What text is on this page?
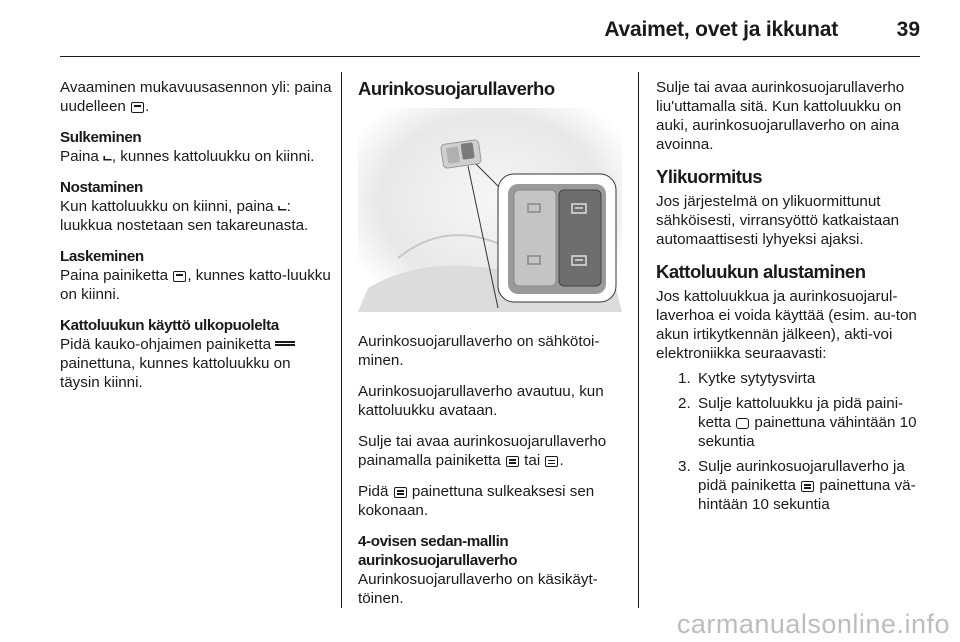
Avaimet, ovet ja ikkunat	39

Avaaminen mukavuusasennon yli: paina uudelleen .

Sulkeminen
Paina ⨽, kunnes kattoluukku on kiinni.

Nostaminen
Kun kattoluukku on kiinni, paina ⨽: luukkua nostetaan sen takareunasta.

Laskeminen
Paina painiketta , kunnes katto-luukku on kiinni.

Kattoluukun käyttö ulkopuolelta
Pidä kauko-ohjaimen painiketta
painettuna, kunnes kattoluukku on täysin kiinni.

Aurinkosuojarullaverho

Aurinkosuojarullaverho on sähkötoi-minen.

Aurinkosuojarullaverho avautuu, kun kattoluukku avataan.

Sulje tai avaa aurinkosuojarullaverho painamalla painiketta tai .

Pidä painettuna sulkeaksesi sen kokonaan.

4-ovisen sedan-mallin aurinkosuojarullaverho
Aurinkosuojarullaverho on käsikäyt-töinen.

Sulje tai avaa aurinkosuojarullaverho liu'uttamalla sitä. Kun kattoluukku on auki, aurinkosuojarullaverho on aina avoinna.

Ylikuormitus

Jos järjestelmä on ylikuormittunut sähköisesti, virransyöttö katkaistaan automaattisesti lyhyeksi ajaksi.

Kattoluukun alustaminen

Jos kattoluukkua ja aurinkosuojarul-laverhoa ei voida käyttää (esim. au-ton akun irtikytkennän jälkeen), akti-voi elektroniikka seuraavasti:

1. Kytke sytytysvirta
2. Sulje kattoluukku ja pidä paini-ketta painettuna vähintään 10 sekuntia
3. Sulje aurinkosuojarullaverho ja pidä painiketta painettuna vä-hintään 10 sekuntia
carmanualsonline.info
